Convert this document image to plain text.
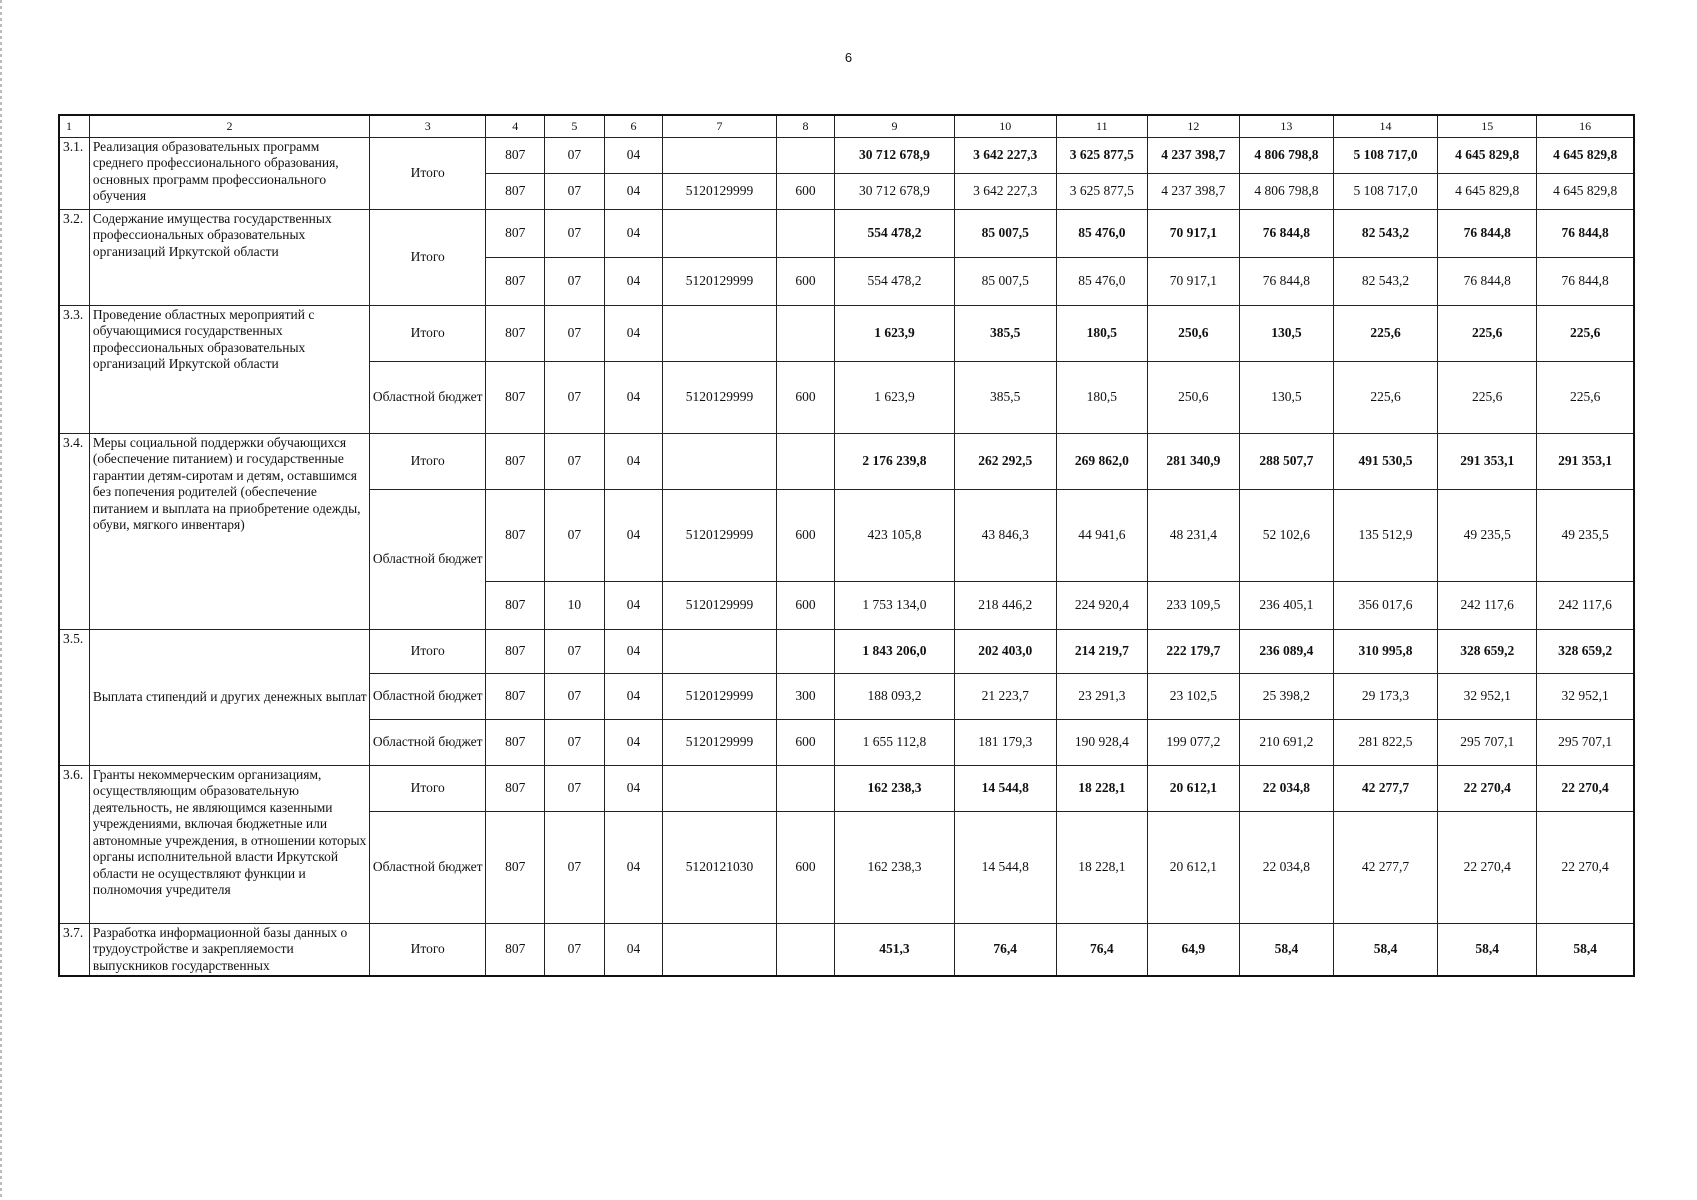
6
1	2	3	4	5	6	7	8	9	10	11	12	13	14	15	16
3.1.	Реализация образовательных программ среднего профессионального образования, основных программ профессионального обучения	Итого	807	07	04			30 712 678,9	3 642 227,3	3 625 877,5	4 237 398,7	4 806 798,8	5 108 717,0	4 645 829,8	4 645 829,8
			807	07	04	5120129999	600	30 712 678,9	3 642 227,3	3 625 877,5	4 237 398,7	4 806 798,8	5 108 717,0	4 645 829,8	4 645 829,8
3.2.	Содержание имущества государственных профессиональных образовательных организаций Иркутской области	Итого	807	07	04			554 478,2	85 007,5	85 476,0	70 917,1	76 844,8	82 543,2	76 844,8	76 844,8
			807	07	04	5120129999	600	554 478,2	85 007,5	85 476,0	70 917,1	76 844,8	82 543,2	76 844,8	76 844,8
3.3.	Проведение областных мероприятий с обучающимися государственных профессиональных образовательных организаций Иркутской области	Итого	807	07	04			1 623,9	385,5	180,5	250,6	130,5	225,6	225,6	225,6
		Областной бюджет	807	07	04	5120129999	600	1 623,9	385,5	180,5	250,6	130,5	225,6	225,6	225,6
3.4.	Меры социальной поддержки обучающихся (обеспечение питанием) и государственные гарантии детям-сиротам и детям, оставшимся без попечения родителей (обеспечение питанием и выплата на приобретение одежды, обуви, мягкого инвентаря)	Итого	807	07	04			2 176 239,8	262 292,5	269 862,0	281 340,9	288 507,7	491 530,5	291 353,1	291 353,1
		Областной бюджет	807	07	04	5120129999	600	423 105,8	43 846,3	44 941,6	48 231,4	52 102,6	135 512,9	49 235,5	49 235,5
			807	10	04	5120129999	600	1 753 134,0	218 446,2	224 920,4	233 109,5	236 405,1	356 017,6	242 117,6	242 117,6
3.5.	Выплата стипендий и других денежных выплат	Итого	807	07	04			1 843 206,0	202 403,0	214 219,7	222 179,7	236 089,4	310 995,8	328 659,2	328 659,2
		Областной бюджет	807	07	04	5120129999	300	188 093,2	21 223,7	23 291,3	23 102,5	25 398,2	29 173,3	32 952,1	32 952,1
		Областной бюджет	807	07	04	5120129999	600	1 655 112,8	181 179,3	190 928,4	199 077,2	210 691,2	281 822,5	295 707,1	295 707,1
3.6.	Гранты некоммерческим организациям, осуществляющим образовательную деятельность, не являющимся казенными учреждениями, включая бюджетные или автономные учреждения, в отношении которых органы исполнительной власти Иркутской области не осуществляют функции и полномочия учредителя	Итого	807	07	04			162 238,3	14 544,8	18 228,1	20 612,1	22 034,8	42 277,7	22 270,4	22 270,4
		Областной бюджет	807	07	04	5120121030	600	162 238,3	14 544,8	18 228,1	20 612,1	22 034,8	42 277,7	22 270,4	22 270,4
3.7.	Разработка информационной базы данных о трудоустройстве и закрепляемости выпускников государственных	Итого	807	07	04			451,3	76,4	76,4	64,9	58,4	58,4	58,4	58,4
